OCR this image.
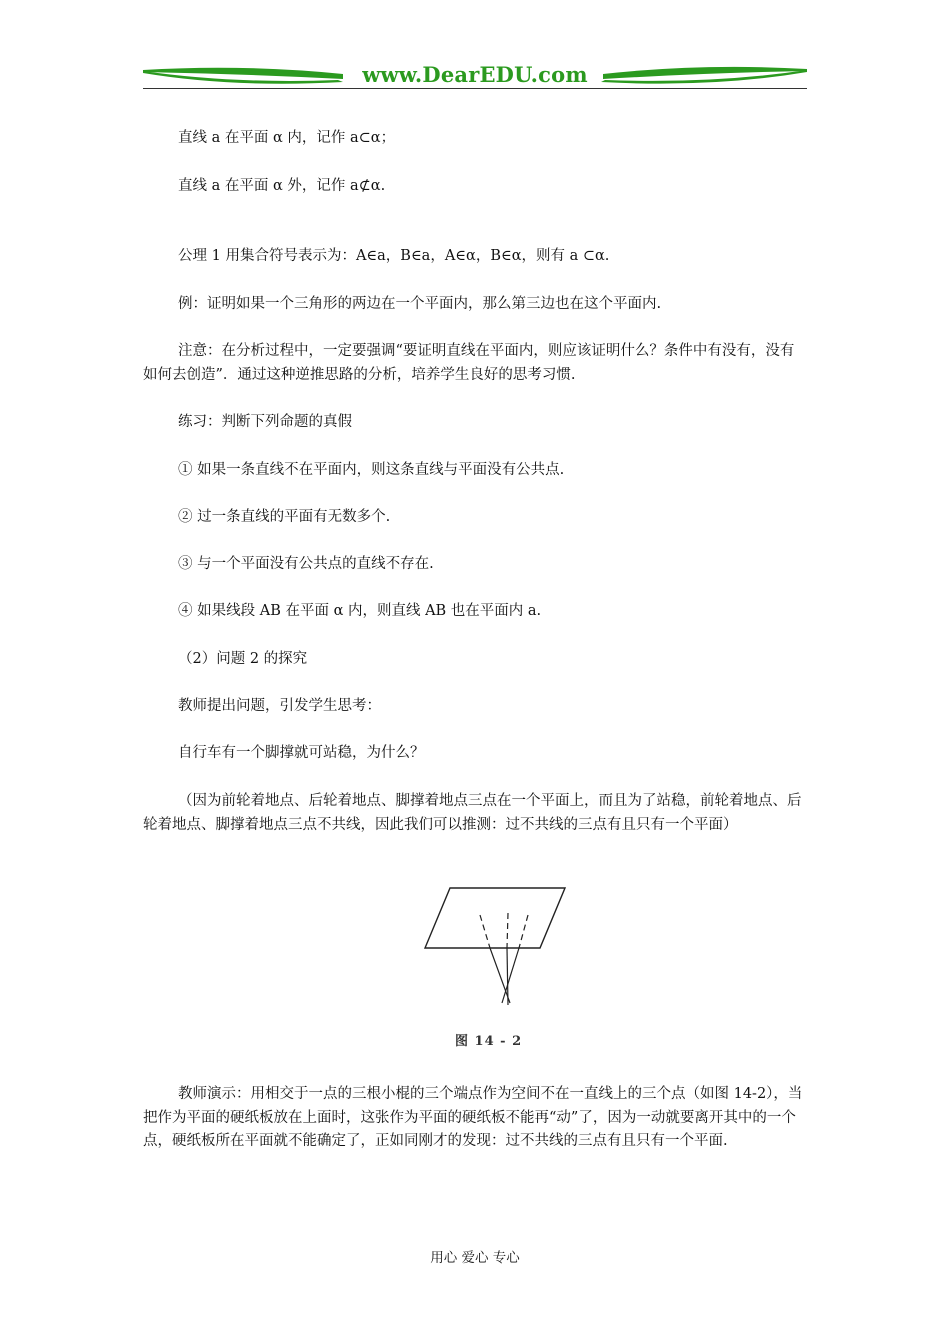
www.DearEDU.com

直线 a 在平面 α 内，记作 a⊂α；

直线 a 在平面 α 外，记作 a⊄α.

公理 1 用集合符号表示为：A∈a，B∈a，A∈α，B∈α，则有 a ⊂α.

例：证明如果一个三角形的两边在一个平面内，那么第三边也在这个平面内.

注意：在分析过程中，一定要强调“要证明直线在平面内，则应该证明什么？条件中有没有，没有如何去创造”．通过这种逆推思路的分析，培养学生良好的思考习惯.

练习：判断下列命题的真假

① 如果一条直线不在平面内，则这条直线与平面没有公共点.

② 过一条直线的平面有无数多个.

③ 与一个平面没有公共点的直线不存在.

④ 如果线段 AB 在平面 α 内，则直线 AB 也在平面内 a.

（2）问题 2 的探究

教师提出问题，引发学生思考：

自行车有一个脚撑就可站稳，为什么？

（因为前轮着地点、后轮着地点、脚撑着地点三点在一个平面上，而且为了站稳，前轮着地点、后轮着地点、脚撑着地点三点不共线，因此我们可以推测：过不共线的三点有且只有一个平面）

图 14 - 2

教师演示：用相交于一点的三根小棍的三个端点作为空间不在一直线上的三个点（如图 14-2），当把作为平面的硬纸板放在上面时，这张作为平面的硬纸板不能再“动”了，因为一动就要离开其中的一个点，硬纸板所在平面就不能确定了，正如同刚才的发现：过不共线的三点有且只有一个平面.

用心 爱心 专心
